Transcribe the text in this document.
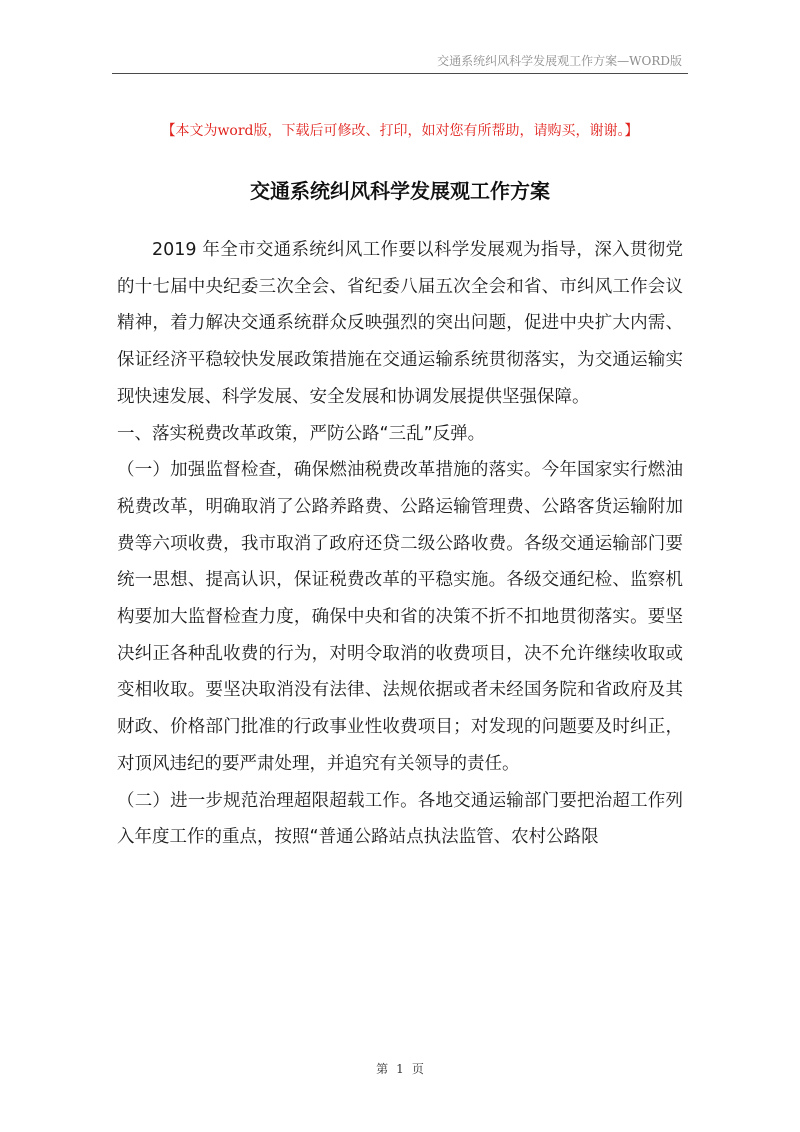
交通系统纠风科学发展观工作方案—WORD版
【本文为word版，下载后可修改、打印，如对您有所帮助，请购买，谢谢。】
交通系统纠风科学发展观工作方案

2019 年全市交通系统纠风工作要以科学发展观为指导，深入贯彻党的十七届中央纪委三次全会、省纪委八届五次全会和省、市纠风工作会议精神，着力解决交通系统群众反映强烈的突出问题，促进中央扩大内需、保证经济平稳较快发展政策措施在交通运输系统贯彻落实，为交通运输实现快速发展、科学发展、安全发展和协调发展提供坚强保障。

一、落实税费改革政策，严防公路“三乱”反弹。

（一）加强监督检查，确保燃油税费改革措施的落实。今年国家实行燃油税费改革，明确取消了公路养路费、公路运输管理费、公路客货运输附加费等六项收费，我市取消了政府还贷二级公路收费。各级交通运输部门要统一思想、提高认识，保证税费改革的平稳实施。各级交通纪检、监察机构要加大监督检查力度，确保中央和省的决策不折不扣地贯彻落实。要坚决纠正各种乱收费的行为，对明令取消的收费项目，决不允许继续收取或变相收取。要坚决取消没有法律、法规依据或者未经国务院和省政府及其财政、价格部门批准的行政事业性收费项目；对发现的问题要及时纠正，对顶风违纪的要严肃处理，并追究有关领导的责任。

（二）进一步规范治理超限超载工作。各地交通运输部门要把治超工作列入年度工作的重点，按照“普通公路站点执法监管、农村公路限

第 1 页
